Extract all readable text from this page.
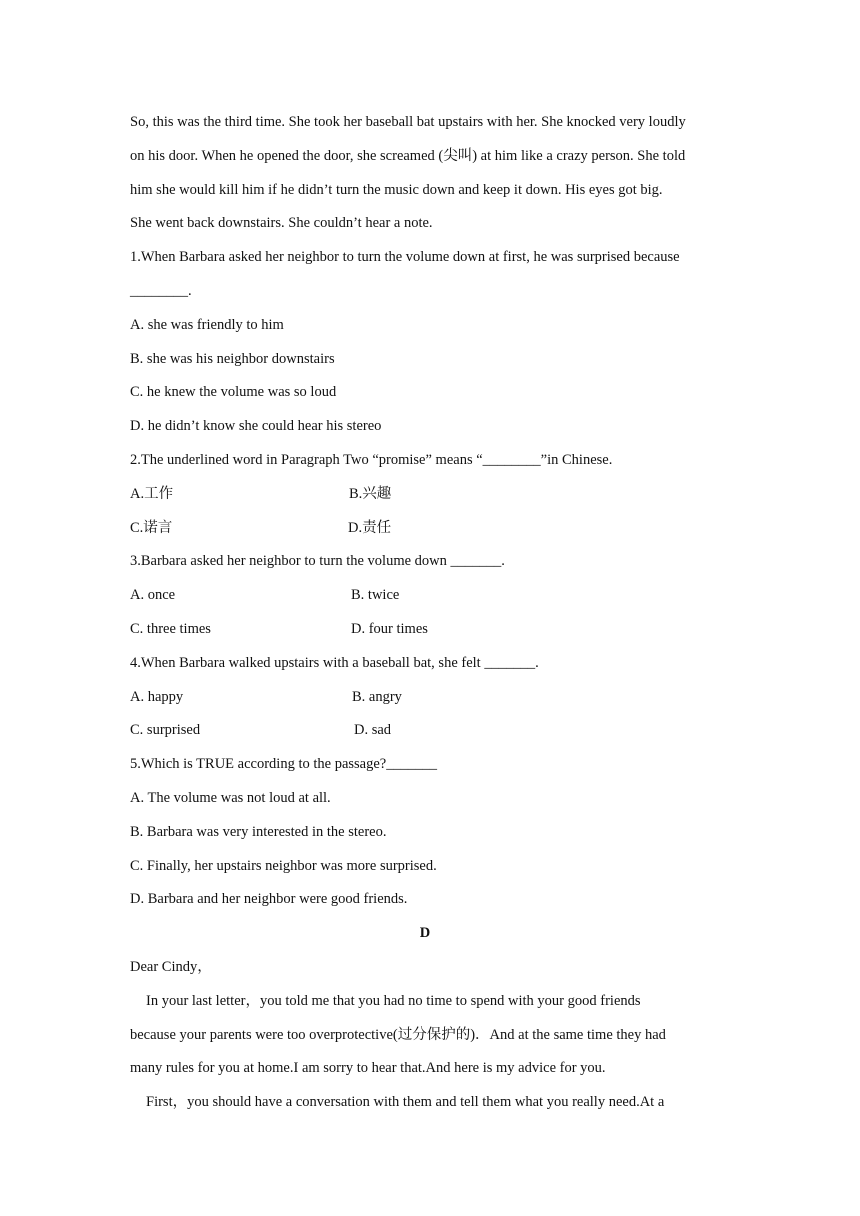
So, this was the third time. She took her baseball bat upstairs with her. She knocked very loudly
on his door. When he opened the door, she screamed (尖叫) at him like a crazy person. She told
him she would kill him if he didn’t turn the music down and keep it down. His eyes got big.
She went back downstairs. She couldn’t hear a note.
1.When Barbara asked her neighbor to turn the volume down at first, he was surprised because
________.
A. she was friendly to him
B. she was his neighbor downstairs
C. he knew the volume was so loud
D. he didn’t know she could hear his stereo
2.The underlined word in Paragraph Two “promise” means “________”in Chinese.
A.工作	B.兴趣
C.诺言	D.责任
3.Barbara asked her neighbor to turn the volume down _______.
A. once	B. twice
C. three times	D. four times
4.When Barbara walked upstairs with a baseball bat, she felt _______.
A. happy	B. angry
C. surprised	D. sad
5.Which is TRUE according to the passage?_______
A. The volume was not loud at all.
B. Barbara was very interested in the stereo.
C. Finally, her upstairs neighbor was more surprised.
D. Barbara and her neighbor were good friends.
D
Dear Cindy，
In your last letter，you told me that you had no time to spend with your good friends
because your parents were too overprotective(过分保护的)．And at the same time they had
many rules for you at home.I am sorry to hear that.And here is my advice for you.
First，you should have a conversation with them and tell them what you really need.At a
